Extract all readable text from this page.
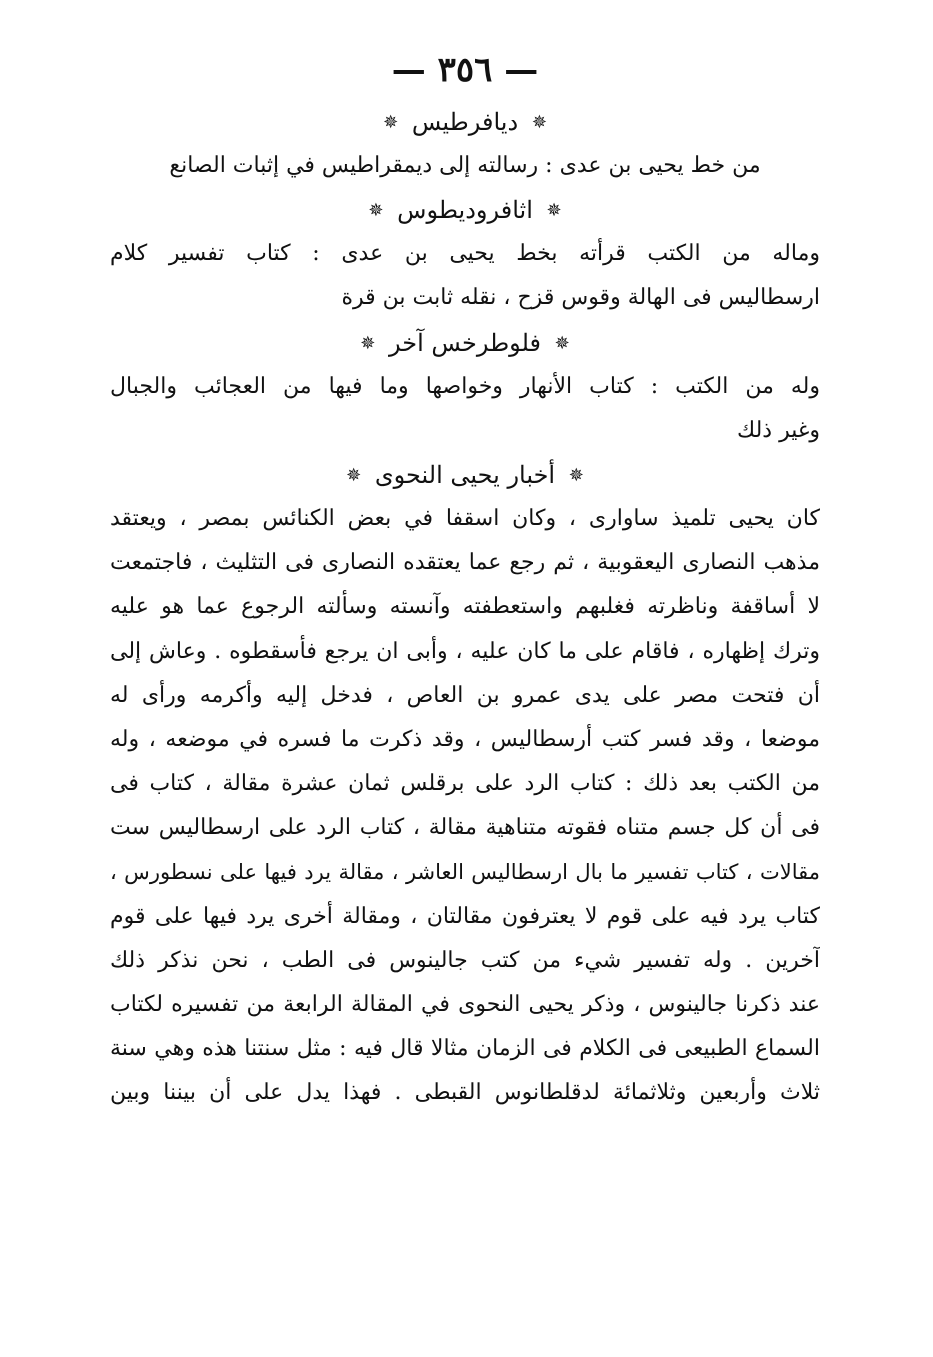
— ٣٥٦ —
✵ ديافرطيس ✵
من خط يحيى بن عدى : رسالته إلى ديمقراطيس في إثبات الصانع
✵ اثافروديطوس ✵
وماله من الكتب قرأته بخط يحيى بن عدى : كتاب تفسير كلام
ارسطاليس فى الهالة وقوس قزح ، نقله ثابت بن قرة
✵ فلوطرخس آخر ✵
وله من الكتب : كتاب الأنهار وخواصها وما فيها من العجائب والجبال
وغير ذلك
✵ أخبار يحيى النحوى ✵
كان يحيى تلميذ ساوارى ، وكان اسقفا في بعض الكنائس بمصر ، ويعتقد
مذهب النصارى اليعقوبية ، ثم رجع عما يعتقده النصارى فى التثليث ، فاجتمعت
لا أساقفة وناظرته فغلبهم واستعطفته وآنسته وسألته الرجوع عما هو عليه
وترك إظهاره ، فاقام على ما كان عليه ، وأبى ان يرجع فأسقطوه . وعاش إلى
أن فتحت مصر على يدى عمرو بن العاص ، فدخل إليه وأكرمه ورأى له
موضعا ، وقد فسر كتب أرسطاليس ، وقد ذكرت ما فسره في موضعه ، وله
من الكتب بعد ذلك : كتاب الرد على برقلس ثمان عشرة مقالة ، كتاب فى
فى أن كل جسم متناه فقوته متناهية مقالة ، كتاب الرد على ارسطاليس ست
مقالات ، كتاب تفسير ما بال ارسطاليس العاشر ، مقالة يرد فيها على نسطورس ،
كتاب يرد فيه على قوم لا يعترفون مقالتان ، ومقالة أخرى يرد فيها على قوم
آخرين . وله تفسير شيء من كتب جالينوس فى الطب ، نحن نذكر ذلك
عند ذكرنا جالينوس ، وذكر يحيى النحوى في المقالة الرابعة من تفسيره لكتاب
السماع الطبيعى فى الكلام فى الزمان مثالا قال فيه : مثل سنتنا هذه وهي سنة
ثلاث وأربعين وثلاثمائة لدقلطانوس القبطى . فهذا يدل على أن بيننا وبين
